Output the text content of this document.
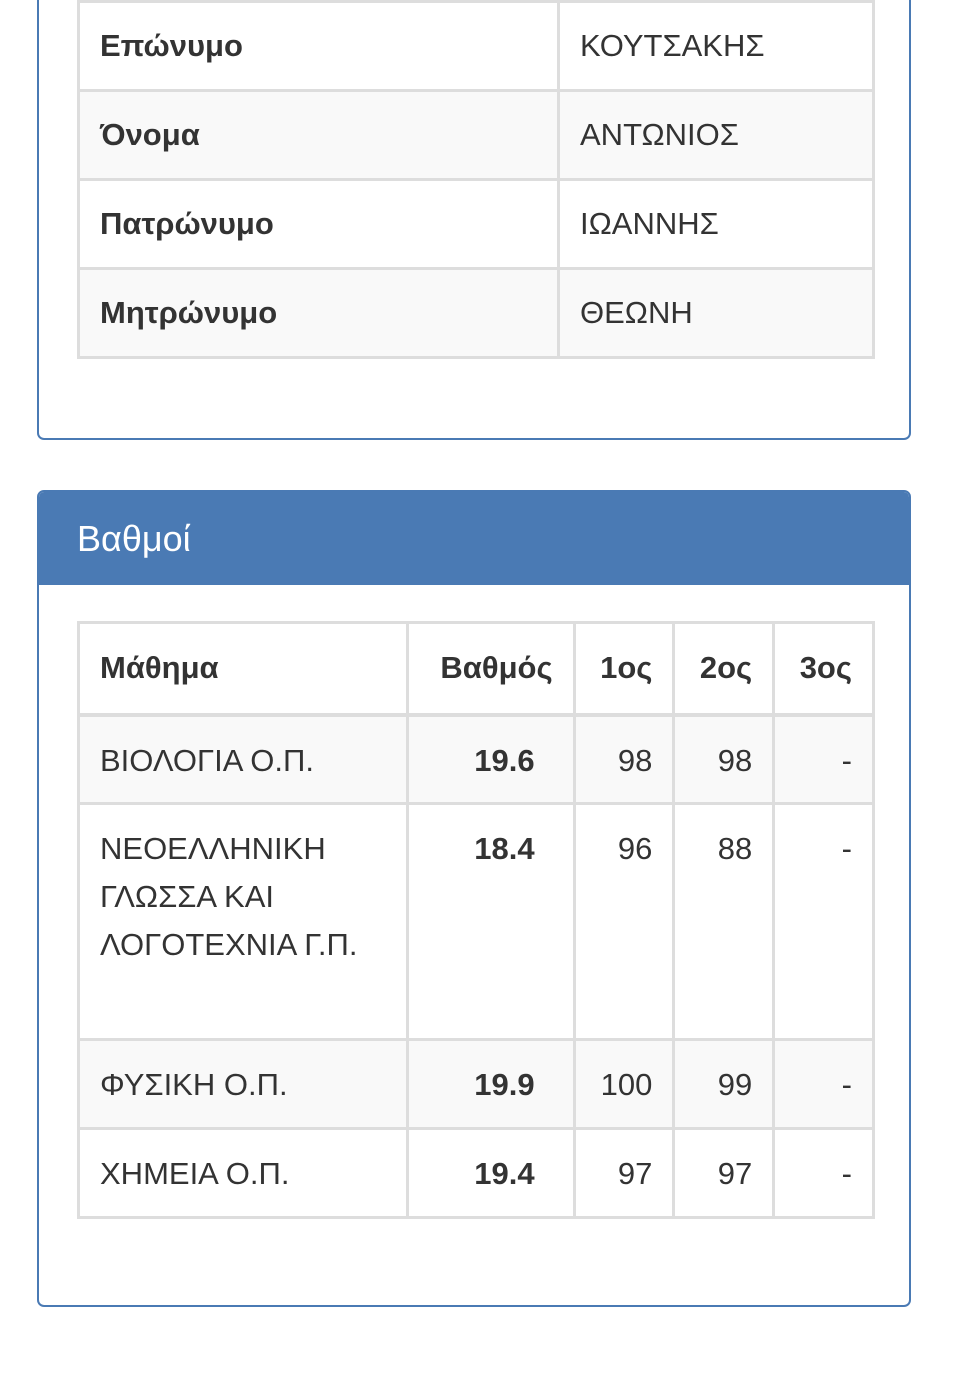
Επώνυμο	ΚΟΥΤΣΑΚΗΣ
Όνομα	ΑΝΤΩΝΙΟΣ
Πατρώνυμο	ΙΩΑΝΝΗΣ
Μητρώνυμο	ΘΕΩΝΗ
Βαθμοί
Μάθημα	Βαθμός	1ος	2ος	3ος
ΒΙΟΛΟΓΙΑ Ο.Π.	19.6	98	98	-
ΝΕΟΕΛΛΗΝΙΚΗ ΓΛΩΣΣΑ ΚΑΙ ΛΟΓΟΤΕΧΝΙΑ Γ.Π.	18.4	96	88	-
ΦΥΣΙΚΗ Ο.Π.	19.9	100	99	-
ΧΗΜΕΙΑ Ο.Π.	19.4	97	97	-
